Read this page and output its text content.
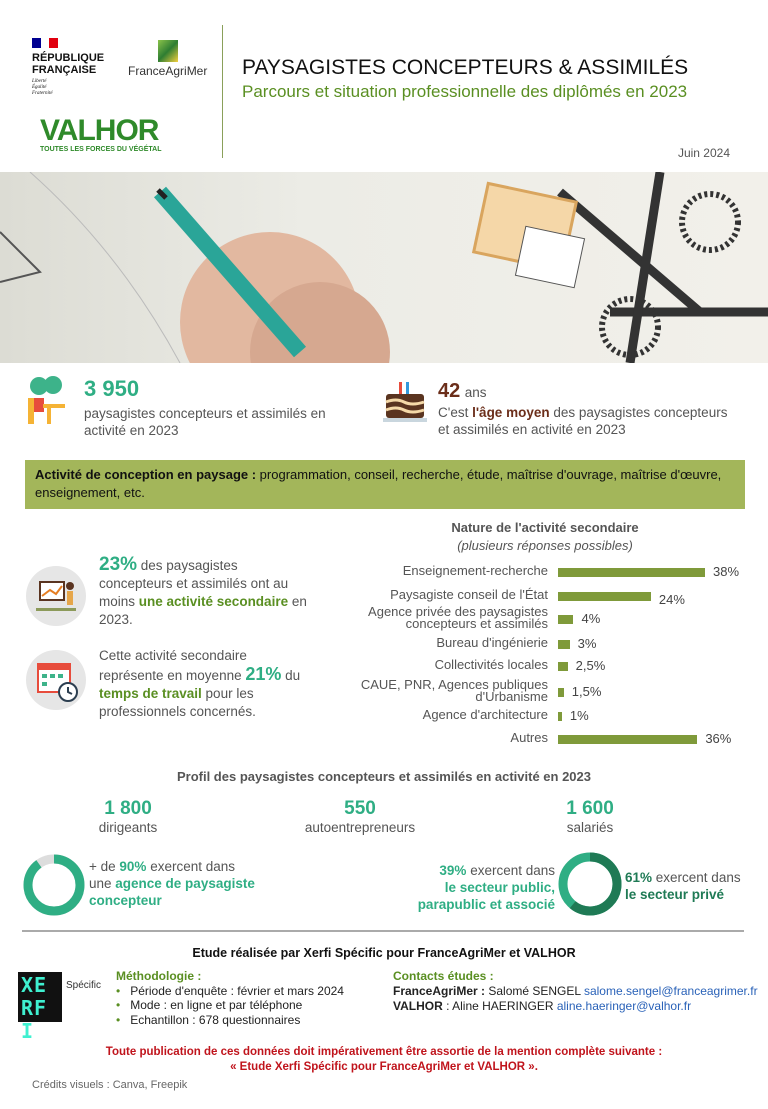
RÉPUBLIQUE FRANÇAISE
Liberté Égalité Fraternité
FranceAgriMer
VALHOR
TOUTES LES FORCES DU VÉGÉTAL
PAYSAGISTES CONCEPTEURS & ASSIMILÉS
Parcours et situation professionnelle des diplômés en 2023
Juin 2024
3 950
paysagistes concepteurs et assimilés en activité en 2023
42 ans
C'est l'âge moyen des paysagistes concepteurs et assimilés en activité en 2023
Activité de conception en paysage : programmation, conseil, recherche, étude, maîtrise d'ouvrage, maîtrise d'œuvre, enseignement, etc.
23% des paysagistes concepteurs et assimilés ont au moins une activité secondaire en 2023.
Cette activité secondaire représente en moyenne 21% du temps de travail pour les professionnels concernés.
Nature de l'activité secondaire
(plusieurs réponses possibles)
Enseignement-recherche	38%
Paysagiste conseil de l'État	24%
Agence privée des paysagistes concepteurs et assimilés	4%
Bureau d'ingénierie 3%
Collectivités locales 2,5%
CAUE, PNR, Agences publiques d'Urbanisme 1,5%
Agence d'architecture 1%
Autres	36%
Profil des paysagistes concepteurs et assimilés en activité en 2023
1 800
dirigeants
550
autoentrepreneurs
1 600
salariés
+ de 90% exercent dans une agence de paysagiste concepteur
39% exercent dans
le secteur public, parapublic et associé
61% exercent dans
le secteur privé
Etude réalisée par Xerfi Spécific pour FranceAgriMer et VALHOR
XERFI
Spécific
Méthodologie :
• Période d'enquête : février et mars 2024
• Mode : en ligne et par téléphone
• Echantillon : 678 questionnaires
Contacts études :
FranceAgriMer : Salomé SENGEL salome.sengel@franceagrimer.fr
VALHOR : Aline HAERINGER aline.haeringer@valhor.fr
Toute publication de ces données doit impérativement être assortie de la mention complète suivante :
« Etude Xerfi Spécific pour FranceAgriMer et VALHOR ».
Crédits visuels : Canva, Freepik
